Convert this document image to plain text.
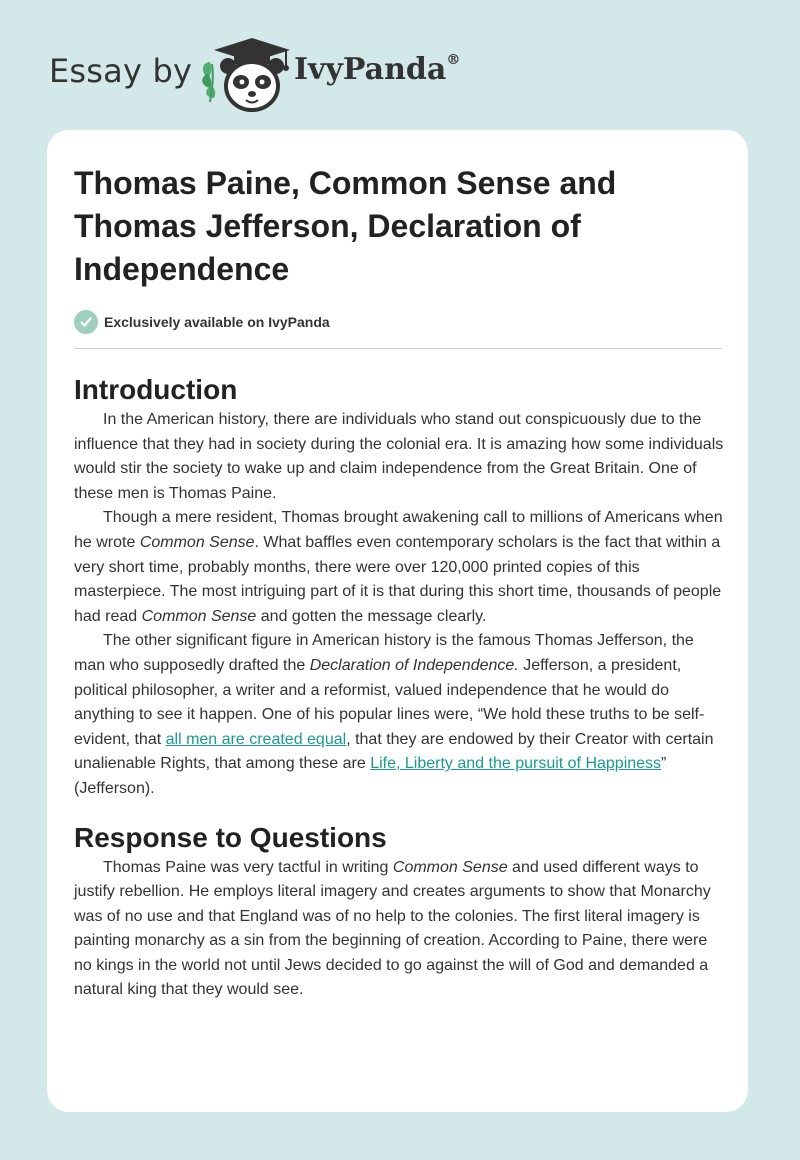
Essay by	IvyPanda®
Thomas Paine, Common Sense and Thomas Jefferson, Declaration of Independence
Exclusively available on IvyPanda
Introduction

In the American history, there are individuals who stand out conspicuously due to the influence that they had in society during the colonial era. It is amazing how some individuals would stir the society to wake up and claim independence from the Great Britain. One of these men is Thomas Paine.

Though a mere resident, Thomas brought awakening call to millions of Americans when he wrote Common Sense. What baffles even contemporary scholars is the fact that within a very short time, probably months, there were over 120,000 printed copies of this masterpiece. The most intriguing part of it is that during this short time, thousands of people had read Common Sense and gotten the message clearly.

The other significant figure in American history is the famous Thomas Jefferson, the man who supposedly drafted the Declaration of Independence. Jefferson, a president, political philosopher, a writer and a reformist, valued independence that he would do anything to see it happen. One of his popular lines were, “We hold these truths to be self-evident, that all men are created equal, that they are endowed by their Creator with certain unalienable Rights, that among these are Life, Liberty and the pursuit of Happiness” (Jefferson).

Response to Questions

Thomas Paine was very tactful in writing Common Sense and used different ways to justify rebellion. He employs literal imagery and creates arguments to show that Monarchy was of no use and that England was of no help to the colonies. The first literal imagery is painting monarchy as a sin from the beginning of creation. According to Paine, there were no kings in the world not until Jews decided to go against the will of God and demanded a natural king that they would see.
